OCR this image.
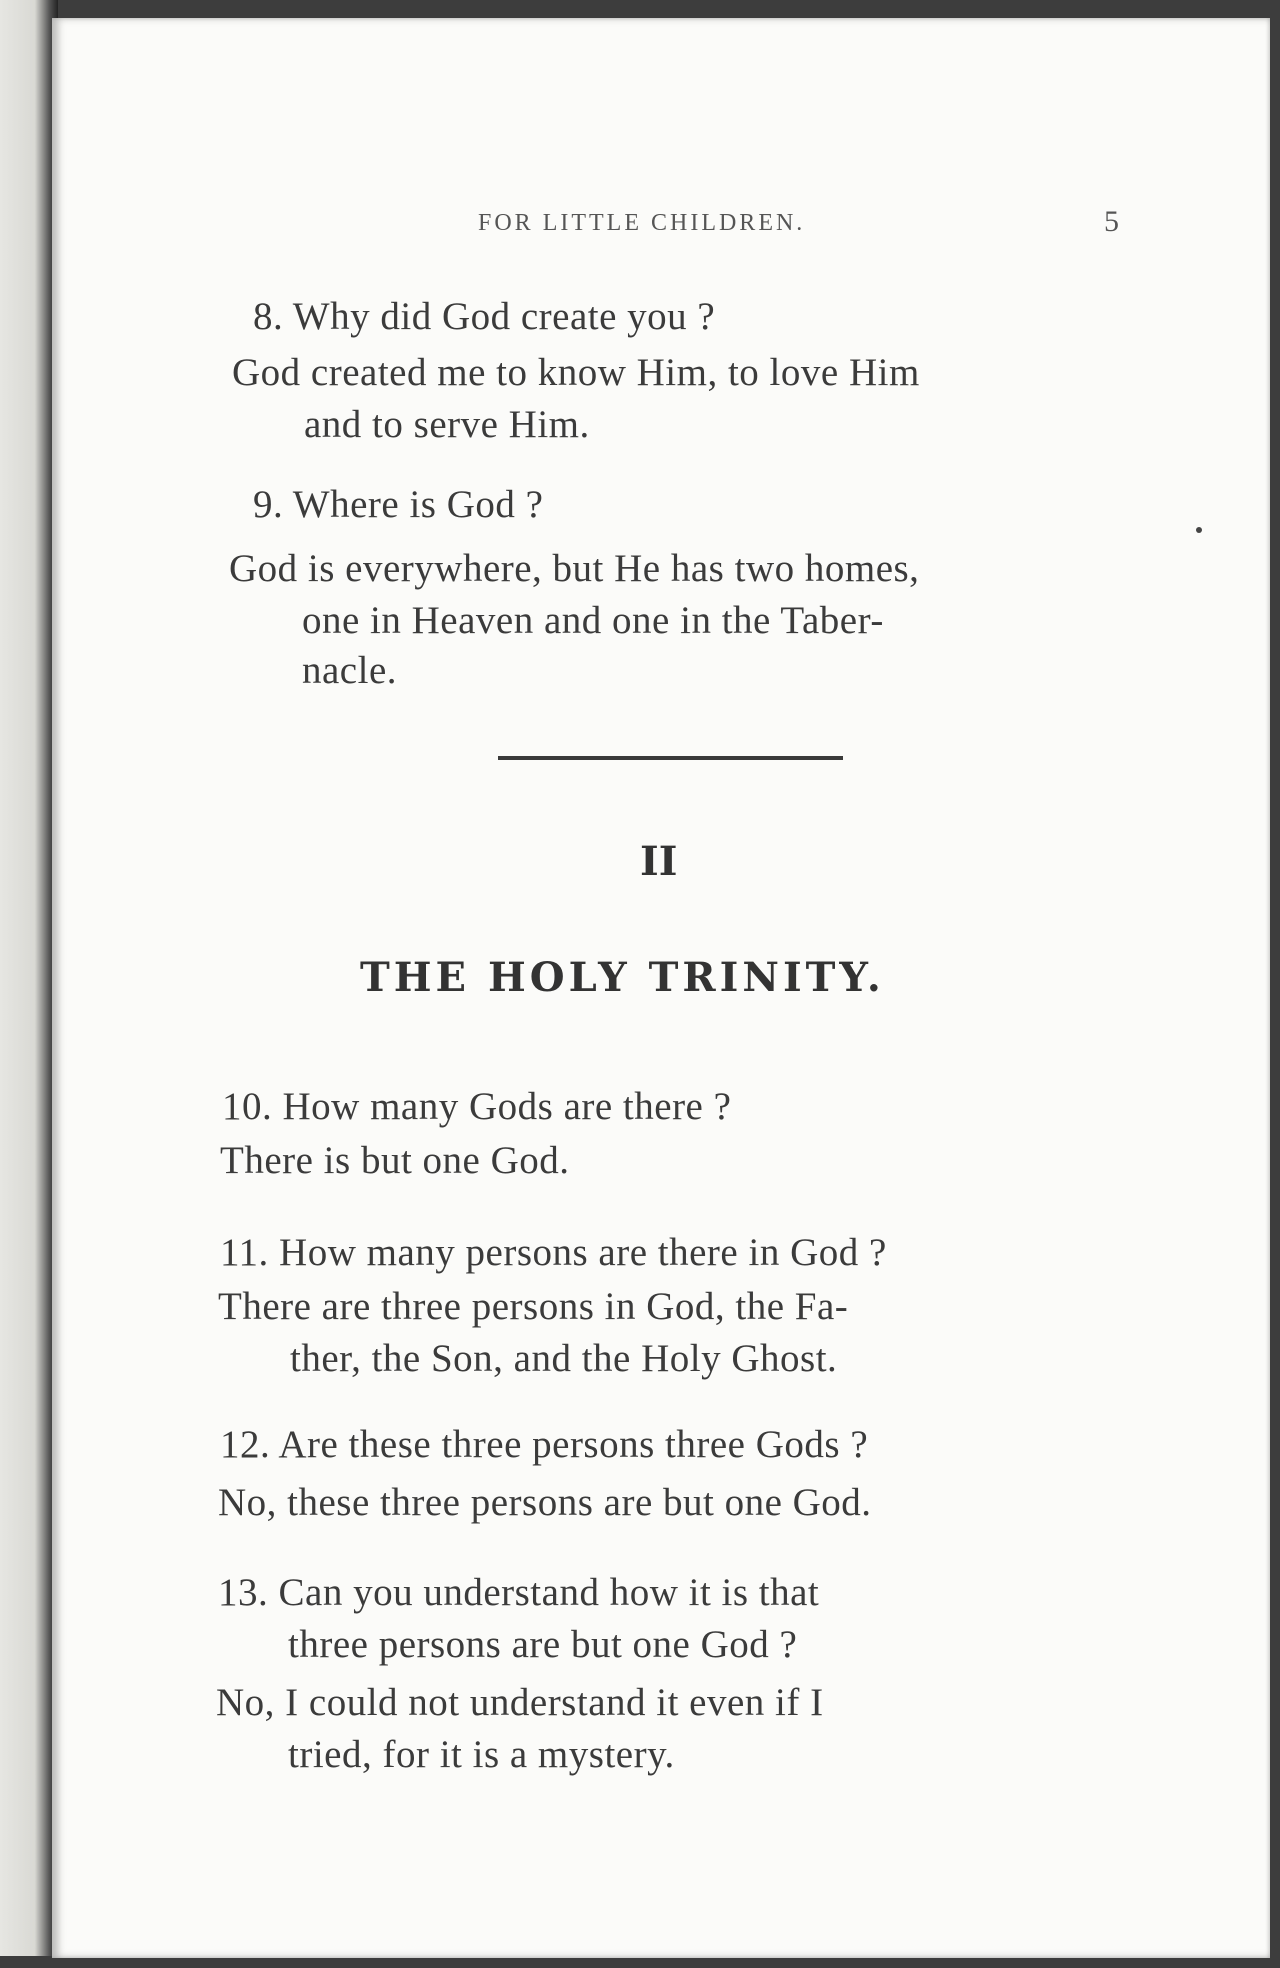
FOR LITTLE CHILDREN.	5
8. Why did God create you ?
God created me to know Him, to love Him
and to serve Him.
9. Where is God ?
God is everywhere, but He has two homes,
one in Heaven and one in the Taber-
nacle.
II
THE HOLY TRINITY.
10. How many Gods are there ?
There is but one God.
11. How many persons are there in God ?
There are three persons in God, the Fa-
ther, the Son, and the Holy Ghost.
12. Are these three persons three Gods ?
No, these three persons are but one God.
13. Can you understand how it is that
three persons are but one God ?
No, I could not understand it even if I
tried, for it is a mystery.
